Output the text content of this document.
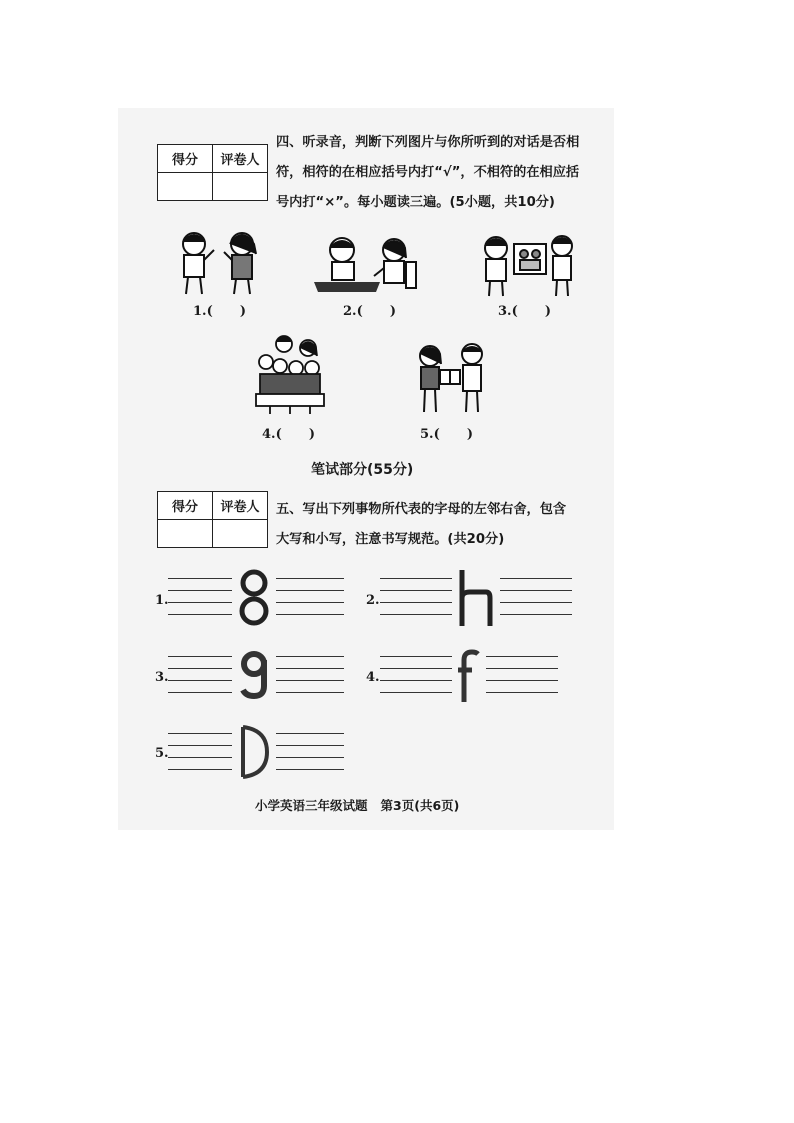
得分	评卷人

四、听录音，判断下列图片与你所听到的对话是否相
符，相符的在相应括号内打“√”，不相符的在相应括
号内打“×”。每小题读三遍。(5小题，共10分)
1.(      )	2.(      )	3.(      )
4.(      )	5.(      )
笔试部分(55分)
得分	评卷人
	五、写出下列事物所代表的字母的左邻右舍，包含
大写和小写，注意书写规范。(共20分)
1.	2.
3.	4.
5.
小学英语三年级试题   第3页(共6页)
